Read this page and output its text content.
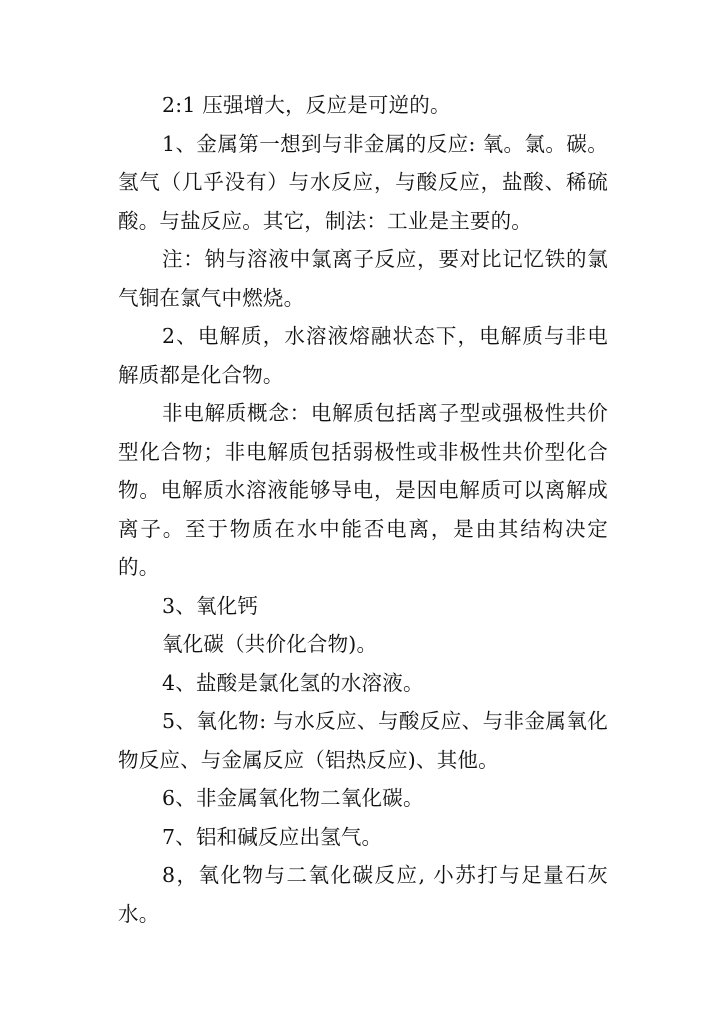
2:1 压强增大，反应是可逆的。

1、金属第一想到与非金属的反应: 氧。氯。碳。氢气（几乎没有）与水反应，与酸反应，盐酸、稀硫酸。与盐反应。其它，制法：工业是主要的。

注：钠与溶液中氯离子反应，要对比记忆铁的氯气铜在氯气中燃烧。

2、电解质，水溶液熔融状态下，电解质与非电解质都是化合物。

非电解质概念：电解质包括离子型或强极性共价型化合物；非电解质包括弱极性或非极性共价型化合物。电解质水溶液能够导电，是因电解质可以离解成离子。至于物质在水中能否电离，是由其结构决定的。

3、氧化钙

氧化碳（共价化合物)。

4、盐酸是氯化氢的水溶液。

5、氧化物: 与水反应、与酸反应、与非金属氧化物反应、与金属反应（铝热反应)、其他。

6、非金属氧化物二氧化碳。

7、铝和碱反应出氢气。

8，氧化物与二氧化碳反应, 小苏打与足量石灰水。
